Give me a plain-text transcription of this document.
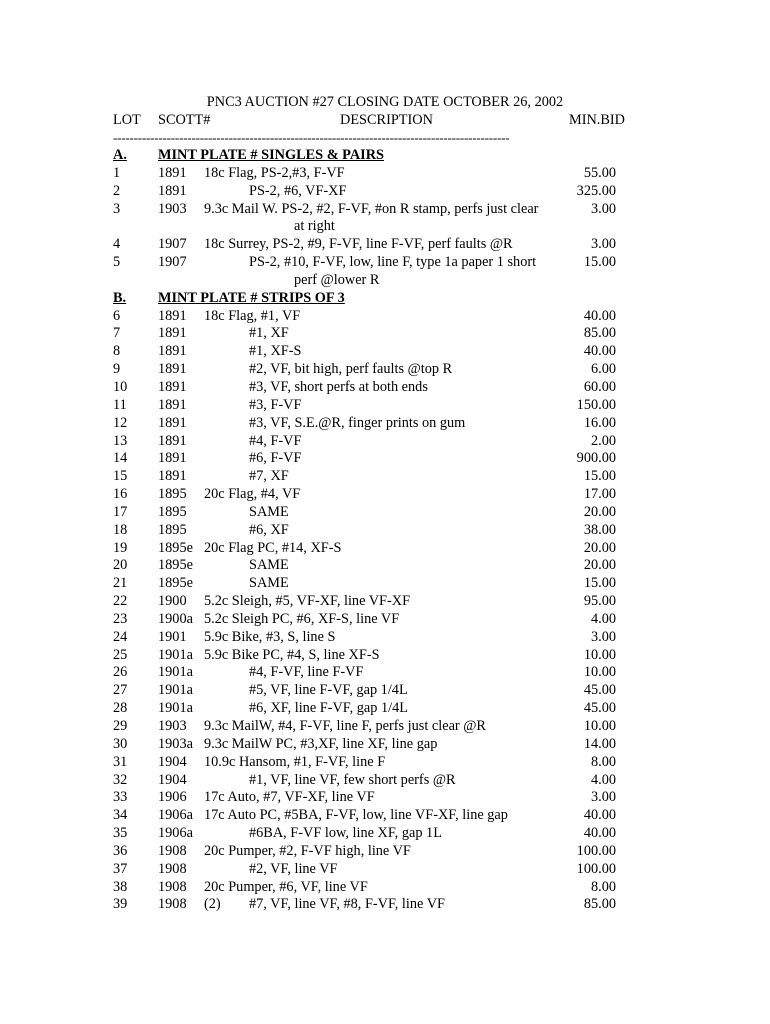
PNC3 AUCTION #27 CLOSING DATE OCTOBER 26, 2002
LOT SCOTT#	DESCRIPTION	MIN.BID
------------------------------------------------------------------------------------------------
A. MINT PLATE # SINGLES & PAIRS
1	1891 18c Flag, PS-2,#3, F-VF	55.00
2	1891	PS-2, #6, VF-XF	325.00
3	1903 9.3c Mail W. PS-2, #2, F-VF, #on R stamp, perfs just clear	3.00
at right
4	1907 18c Surrey, PS-2, #9, F-VF, line F-VF, perf faults @R	3.00
5	1907	PS-2, #10, F-VF, low, line F, type 1a paper 1 short	15.00
perf @lower R
B. MINT PLATE # STRIPS OF 3
6	1891 18c Flag, #1, VF	40.00
7	1891	#1, XF	85.00
8	1891	#1, XF-S	40.00
9	1891	#2, VF, bit high, perf faults @top R	6.00
10 1891	#3, VF, short perfs at both ends	60.00
11 1891	#3, F-VF	150.00
12 1891	#3, VF, S.E.@R, finger prints on gum	16.00
13 1891	#4, F-VF	2.00
14 1891	#6, F-VF	900.00
15 1891	#7, XF	15.00
16 1895 20c Flag, #4, VF	17.00
17 1895	SAME	20.00
18 1895	#6, XF	38.00
19 1895e 20c Flag PC, #14, XF-S	20.00
20 1895e	SAME	20.00
21 1895e	SAME	15.00
22 1900 5.2c Sleigh, #5, VF-XF, line VF-XF	95.00
23 1900a 5.2c Sleigh PC, #6, XF-S, line VF	4.00
24 1901 5.9c Bike, #3, S, line S	3.00
25 1901a 5.9c Bike PC, #4, S, line XF-S	10.00
26 1901a	#4, F-VF, line F-VF	10.00
27 1901a	#5, VF, line F-VF, gap 1/4L	45.00
28 1901a	#6, XF, line F-VF, gap 1/4L	45.00
29 1903 9.3c MailW, #4, F-VF, line F, perfs just clear @R	10.00
30 1903a 9.3c MailW PC, #3,XF, line XF, line gap	14.00
31 1904 10.9c Hansom, #1, F-VF, line F	8.00
32 1904	#1, VF, line VF, few short perfs @R	4.00
33 1906 17c Auto, #7, VF-XF, line VF	3.00
34 1906a 17c Auto PC, #5BA, F-VF, low, line VF-XF, line gap	40.00
35 1906a	#6BA, F-VF low, line XF, gap 1L	40.00
36 1908 20c Pumper, #2, F-VF high, line VF	100.00
37 1908	#2, VF, line VF	100.00
38 1908 20c Pumper, #6, VF, line VF	8.00
39 1908 (2) #7, VF, line VF, #8, F-VF, line VF	85.00
